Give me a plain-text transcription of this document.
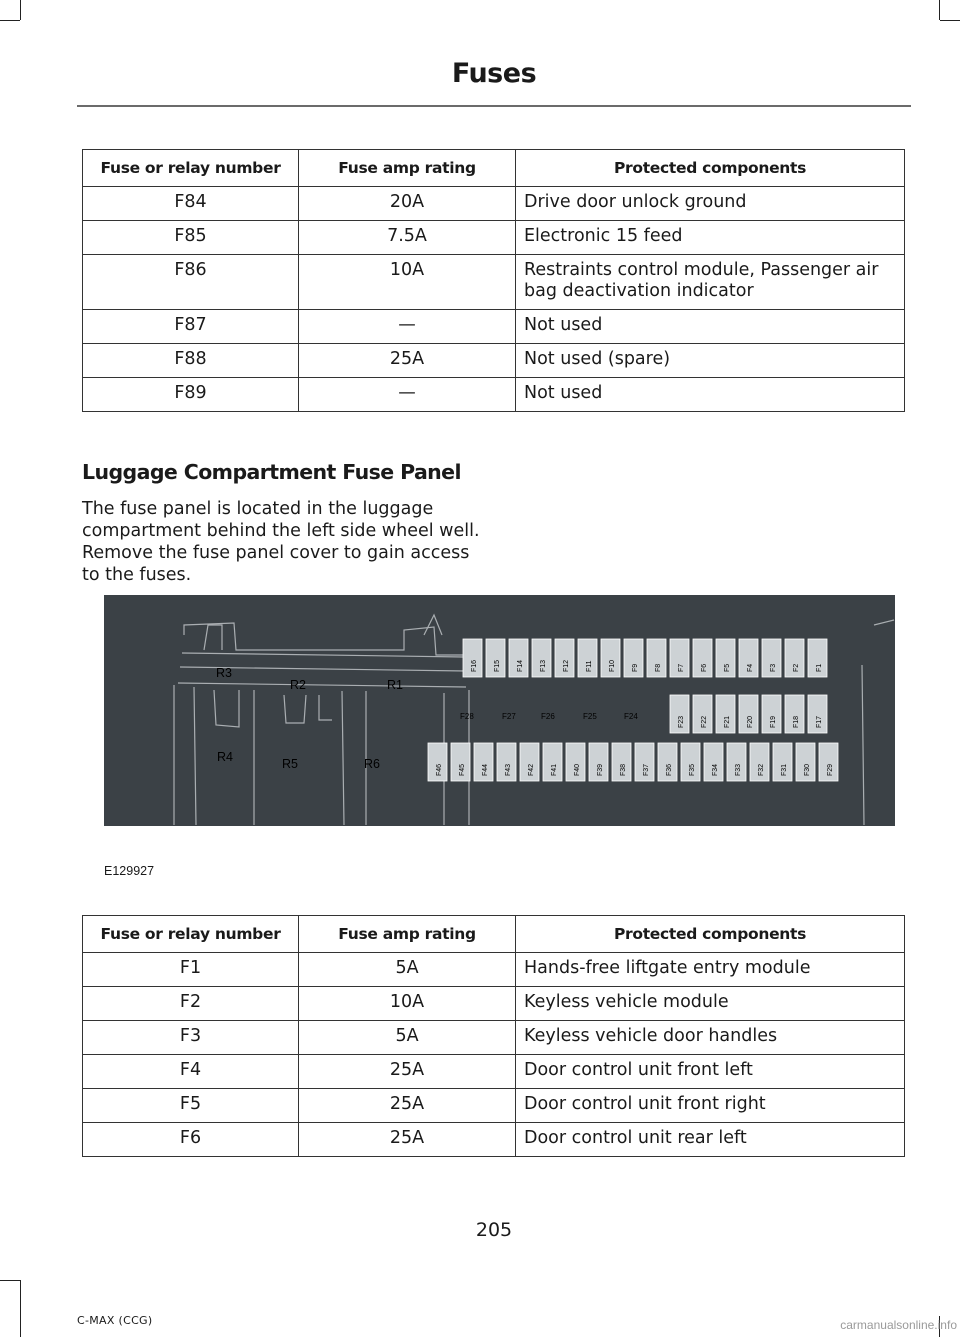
Fuses
Fuse or relay number	Fuse amp rating	Protected components
F84	20A	Drive door unlock ground
F85	7.5A	Electronic 15 feed
F86	10A	Restraints control module, Passenger air bag deactivation indicator
F87	—	Not used
F88	25A	Not used (spare)
F89	—	Not used
Luggage Compartment Fuse Panel
The fuse panel is located in the luggage compartment behind the left side wheel well. Remove the fuse panel cover to gain access to the fuses.
R3
R2	R1
R4	R5	R6
F16 F15 F14 F13 F12 F11 F10 F9 F8 F7 F6 F5 F4 F3 F2 F1
F23 F22 F21 F20 F19 F18 F17
F28	F27	F26	F25	F24
F46 F45 F44 F43 F42 F41 F40 F39 F38 F37 F36 F35 F34 F33 F32 F31 F30 F29
E129927
Fuse or relay number	Fuse amp rating	Protected components
F1	5A	Hands-free liftgate entry module
F2	10A	Keyless vehicle module
F3	5A	Keyless vehicle door handles
F4	25A	Door control unit front left
F5	25A	Door control unit front right
F6	25A	Door control unit rear left
205
C-MAX (CCG)	carmanualsonline.info
